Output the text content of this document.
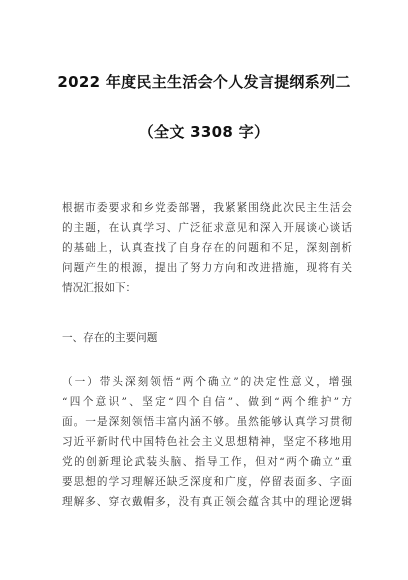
2022 年度民主生活会个人发言提纲系列二
（全文 3308 字）
根据市委要求和乡党委部署，我紧紧围绕此次民主生活会
的主题，在认真学习、广泛征求意见和深入开展谈心谈话
的基础上，认真查找了自身存在的问题和不足，深刻剖析
问题产生的根源，提出了努力方向和改进措施，现将有关
情况汇报如下：
一、存在的主要问题
（一）带头深刻领悟“两个确立”的决定性意义，增强
“四个意识”、坚定“四个自信”、做到“两个维护”方
面。一是深刻领悟丰富内涵不够。虽然能够认真学习贯彻
习近平新时代中国特色社会主义思想精神，坚定不移地用
党的创新理论武装头脑、指导工作，但对“两个确立”重
要思想的学习理解还缺乏深度和广度，停留表面多、字面
理解多、穿衣戴帽多，没有真正领会蕴含其中的理论逻辑
